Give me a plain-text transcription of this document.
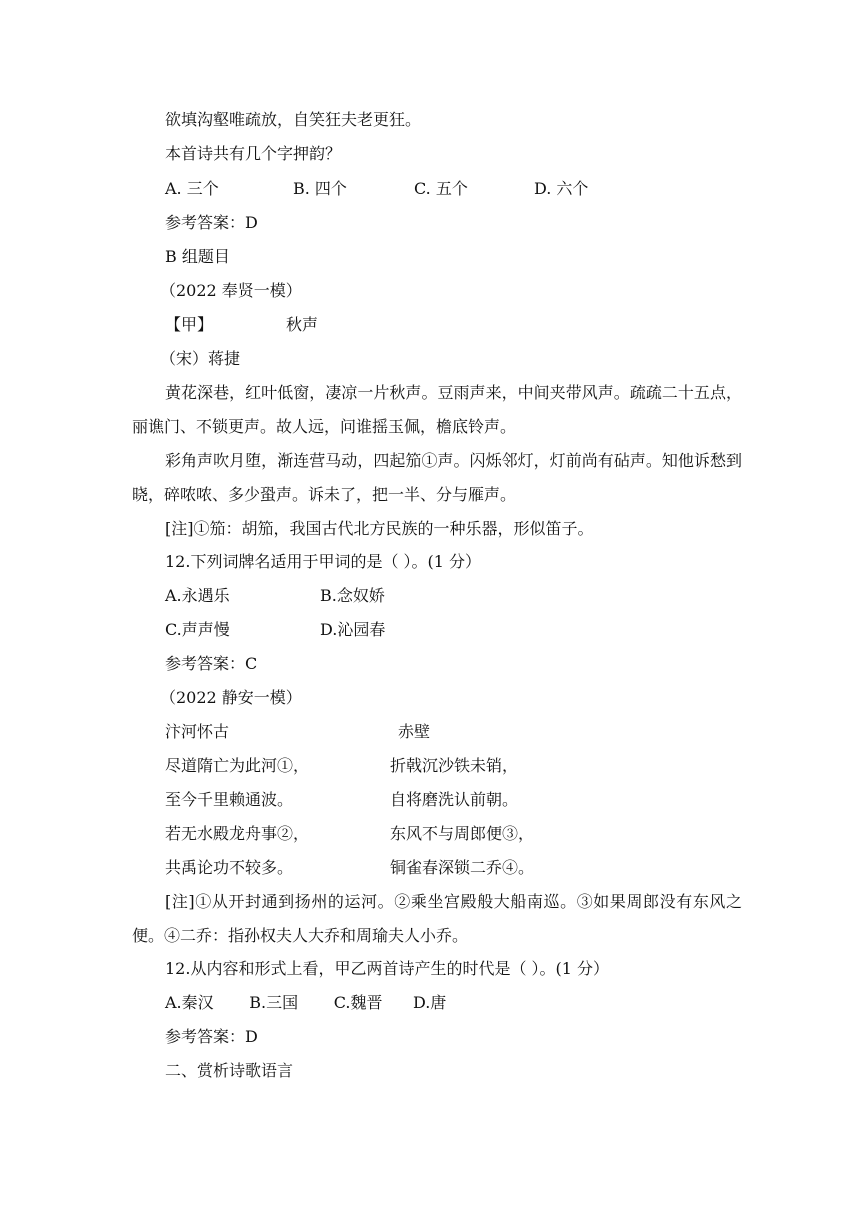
欲填沟壑唯疏放，自笑狂夫老更狂。
本首诗共有几个字押韵？
A. 三个	B. 四个	C. 五个	D. 六个
参考答案：D
B 组题目
（2022 奉贤一模）
【甲】	秋声
（宋）蒋捷
黄花深巷，红叶低窗，凄凉一片秋声。豆雨声来，中间夹带风声。疏疏二十五点，丽谯门、不锁更声。故人远，问谁摇玉佩，檐底铃声。
彩角声吹月堕，渐连营马动，四起笳①声。闪烁邻灯，灯前尚有砧声。知他诉愁到晓，碎哝哝、多少蛩声。诉未了，把一半、分与雁声。
[注]①笳：胡笳，我国古代北方民族的一种乐器，形似笛子。
12.下列词牌名适用于甲词的是（ ）。(1 分）
A.永遇乐	B.念奴娇
C.声声慢	D.沁园春
参考答案：C
（2022 静安一模）
汴河怀古	赤壁
尽道隋亡为此河①，	折戟沉沙铁未销，
至今千里赖通波。	自将磨洗认前朝。
若无水殿龙舟事②，	东风不与周郎便③，
共禹论功不较多。	铜雀春深锁二乔④。
[注]①从开封通到扬州的运河。②乘坐宫殿般大船南巡。③如果周郎没有东风之便。④二乔：指孙权夫人大乔和周瑜夫人小乔。
12.从内容和形式上看，甲乙两首诗产生的时代是（ ）。(1 分）
A.秦汉       B.三国       C.魏晋      D.唐
参考答案：D
二、赏析诗歌语言
